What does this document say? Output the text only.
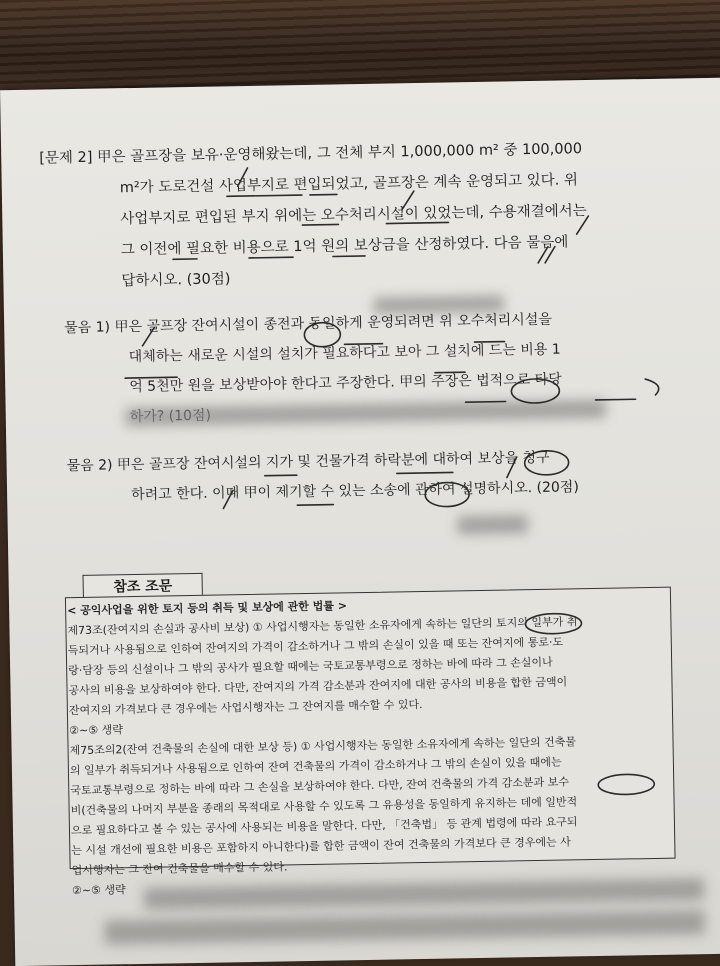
[문제 2] 甲은 골프장을 보유·운영해왔는데, 그 전체 부지 1,000,000 m² 중 100,000
m²가 도로건설 사업부지로 편입되었고, 골프장은 계속 운영되고 있다. 위
사업부지로 편입된 부지 위에는 오수처리시설이 있었는데, 수용재결에서는
그 이전에 필요한 비용으로 1억 원의 보상금을 산정하였다. 다음 물음에
답하시오. (30점)
물음 1) 甲은 골프장 잔여시설이 종전과 동일하게 운영되려면 위 오수처리시설을
대체하는 새로운 시설의 설치가 필요하다고 보아 그 설치에 드는 비용 1
억 5천만 원을 보상받아야 한다고 주장한다. 甲의 주장은 법적으로 타당
물음 2) 甲은 골프장 잔여시설의 지가 및 건물가격 하락분에 대하여 보상을 청구
하려고 한다. 이때 甲이 제기할 수 있는 소송에 관하여 설명하시오. (20점)
참조 조문
< 공익사업을 위한 토지 등의 취득 및 보상에 관한 법률 >
제73조(잔여지의 손실과 공사비 보상) ① 사업시행자는 동일한 소유자에게 속하는 일단의 토지의 일부가 취
득되거나 사용됨으로 인하여 잔여지의 가격이 감소하거나 그 밖의 손실이 있을 때 또는 잔여지에 통로·도
랑·담장 등의 신설이나 그 밖의 공사가 필요할 때에는 국토교통부령으로 정하는 바에 따라 그 손실이나
공사의 비용을 보상하여야 한다. 다만, 잔여지의 가격 감소분과 잔여지에 대한 공사의 비용을 합한 금액이
잔여지의 가격보다 큰 경우에는 사업시행자는 그 잔여지를 매수할 수 있다.
②~⑤ 생략
제75조의2(잔여 건축물의 손실에 대한 보상 등) ① 사업시행자는 동일한 소유자에게 속하는 일단의 건축물
의 일부가 취득되거나 사용됨으로 인하여 잔여 건축물의 가격이 감소하거나 그 밖의 손실이 있을 때에는
국토교통부령으로 정하는 바에 따라 그 손실을 보상하여야 한다. 다만, 잔여 건축물의 가격 감소분과 보수
비(건축물의 나머지 부분을 종래의 목적대로 사용할 수 있도록 그 유용성을 동일하게 유지하는 데에 일반적
으로 필요하다고 볼 수 있는 공사에 사용되는 비용을 말한다. 다만, 「건축법」 등 관계 법령에 따라 요구되
는 시설 개선에 필요한 비용은 포함하지 아니한다)를 합한 금액이 잔여 건축물의 가격보다 큰 경우에는 사
업시행자는 그 잔여 건축물을 매수할 수 있다.
②~⑤ 생략
